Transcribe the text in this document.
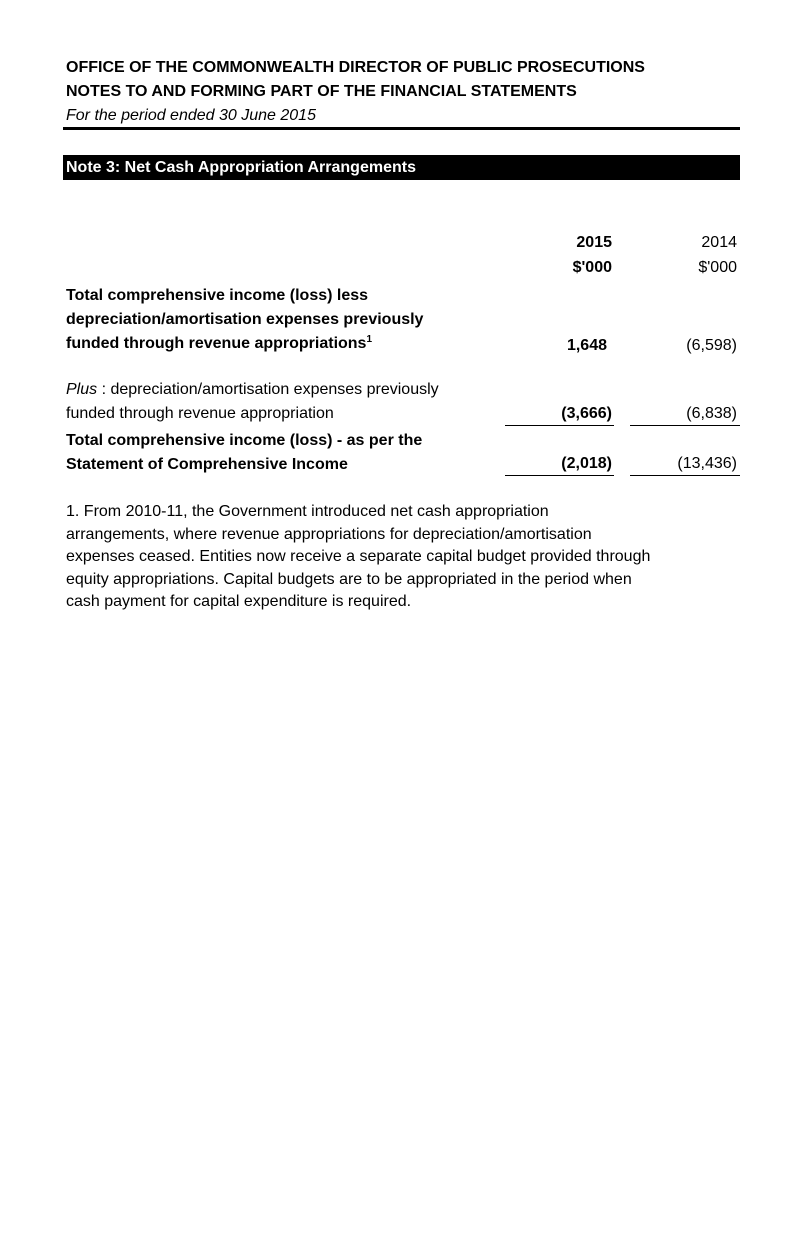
OFFICE OF THE COMMONWEALTH DIRECTOR OF PUBLIC PROSECUTIONS
NOTES TO AND FORMING PART OF THE FINANCIAL STATEMENTS
For the period ended 30 June 2015
Note 3: Net Cash Appropriation Arrangements
2015	2014
$'000	$'000
Total comprehensive income (loss) less
depreciation/amortisation expenses previously
funded through revenue appropriations$^1$	1,648	(6,598)
Plus : depreciation/amortisation expenses previously
funded through revenue appropriation	(3,666)	(6,838)
Total comprehensive income (loss) - as per the
Statement of Comprehensive Income	(2,018)	(13,436)
1. From 2010-11, the Government introduced net cash appropriation
arrangements, where revenue appropriations for depreciation/amortisation
expenses ceased. Entities now receive a separate capital budget provided through
equity appropriations. Capital budgets are to be appropriated in the period when
cash payment for capital expenditure is required.
